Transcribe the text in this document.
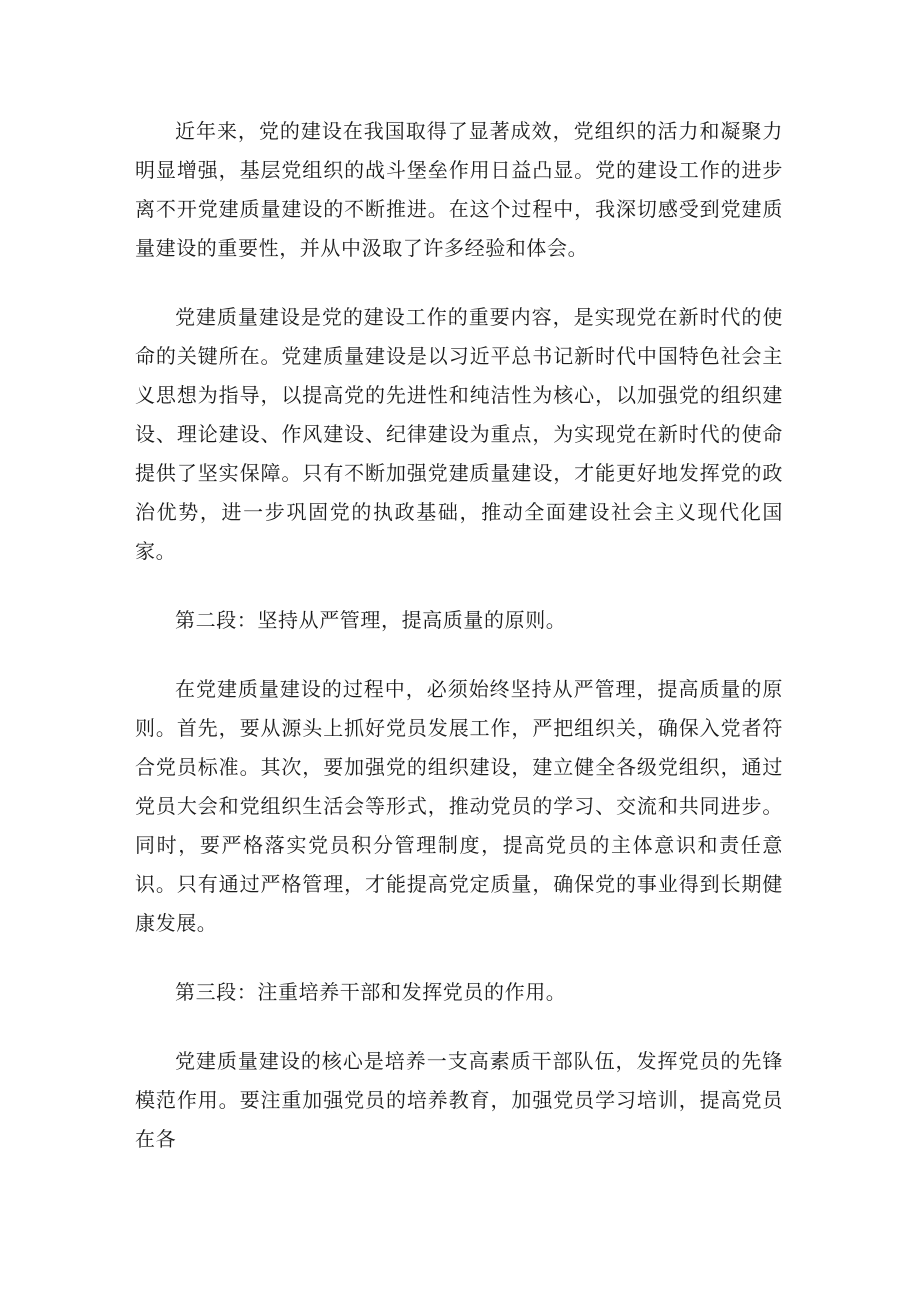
近年来，党的建设在我国取得了显著成效，党组织的活力和凝聚力明显增强，基层党组织的战斗堡垒作用日益凸显。党的建设工作的进步离不开党建质量建设的不断推进。在这个过程中，我深切感受到党建质量建设的重要性，并从中汲取了许多经验和体会。

党建质量建设是党的建设工作的重要内容，是实现党在新时代的使命的关键所在。党建质量建设是以习近平总书记新时代中国特色社会主义思想为指导，以提高党的先进性和纯洁性为核心，以加强党的组织建设、理论建设、作风建设、纪律建设为重点，为实现党在新时代的使命提供了坚实保障。只有不断加强党建质量建设，才能更好地发挥党的政治优势，进一步巩固党的执政基础，推动全面建设社会主义现代化国家。

第二段：坚持从严管理，提高质量的原则。

在党建质量建设的过程中，必须始终坚持从严管理，提高质量的原则。首先，要从源头上抓好党员发展工作，严把组织关，确保入党者符合党员标准。其次，要加强党的组织建设，建立健全各级党组织，通过党员大会和党组织生活会等形式，推动党员的学习、交流和共同进步。同时，要严格落实党员积分管理制度，提高党员的主体意识和责任意识。只有通过严格管理，才能提高党定质量，确保党的事业得到长期健康发展。

第三段：注重培养干部和发挥党员的作用。

党建质量建设的核心是培养一支高素质干部队伍，发挥党员的先锋模范作用。要注重加强党员的培养教育，加强党员学习培训，提高党员在各
